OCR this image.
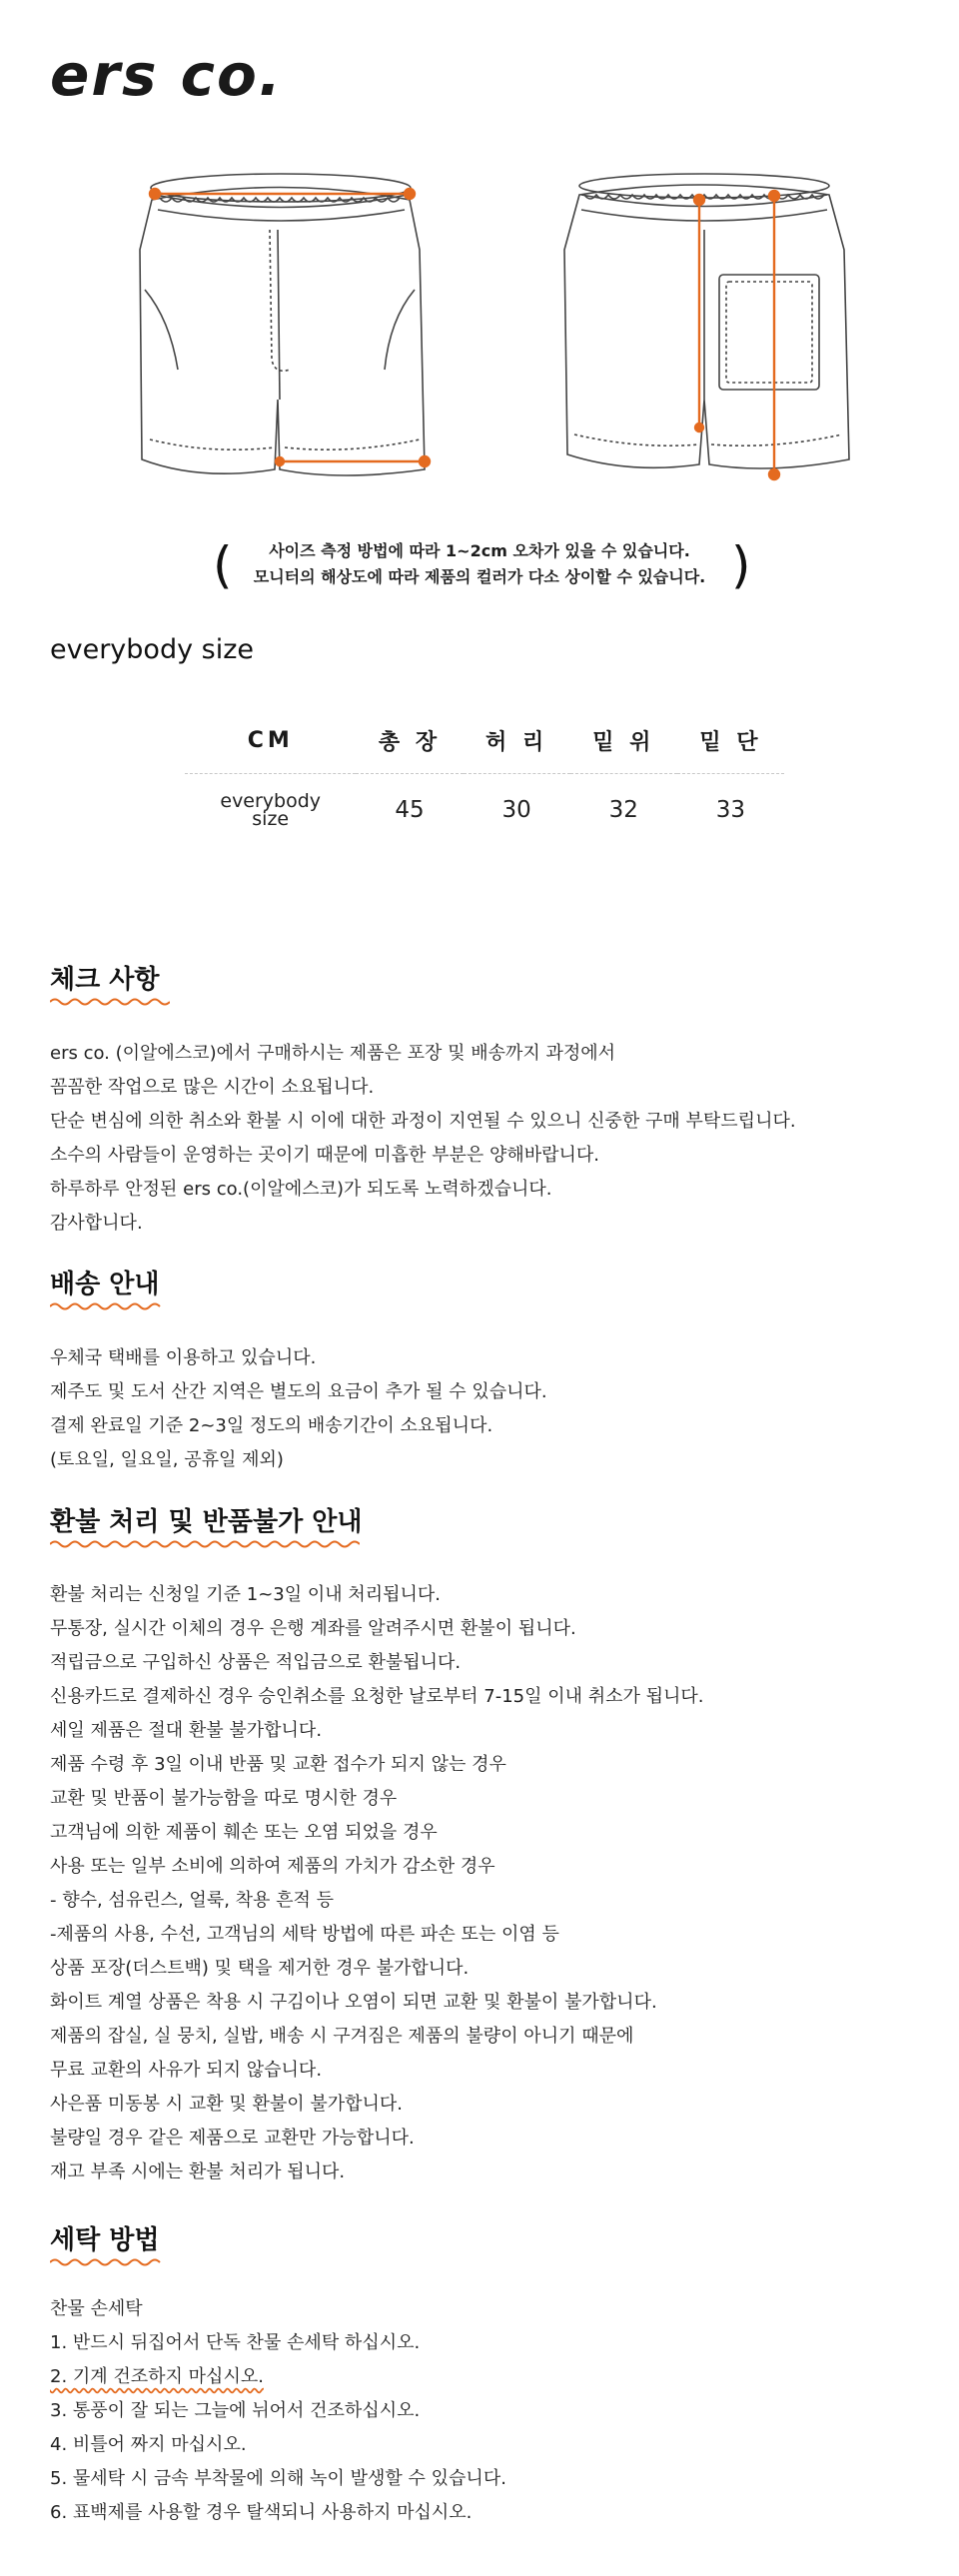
ers co.
(	사이즈 측정 방법에 따라 1~2cm 오차가 있을 수 있습니다.
모니터의 해상도에 따라 제품의 컬러가 다소 상이할 수 있습니다. )
everybody size
CM	총 장	허 리	밑 위	밑 단

everybody
size	45	30	32	33
체크 사항
ers co. (이알에스코)에서 구매하시는 제품은 포장 및 배송까지 과정에서
꼼꼼한 작업으로 많은 시간이 소요됩니다.
단순 변심에 의한 취소와 환불 시 이에 대한 과정이 지연될 수 있으니 신중한 구매 부탁드립니다.
소수의 사람들이 운영하는 곳이기 때문에 미흡한 부분은 양해바랍니다.
하루하루 안정된 ers co.(이알에스코)가 되도록 노력하겠습니다.
감사합니다.
배송 안내
우체국 택배를 이용하고 있습니다.
제주도 및 도서 산간 지역은 별도의 요금이 추가 될 수 있습니다.
결제 완료일 기준 2~3일 정도의 배송기간이 소요됩니다.
(토요일, 일요일, 공휴일 제외)
환불 처리 및 반품불가 안내
환불 처리는 신청일 기준 1~3일 이내 처리됩니다.
무통장, 실시간 이체의 경우 은행 계좌를 알려주시면 환불이 됩니다.
적립금으로 구입하신 상품은 적입금으로 환불됩니다.
신용카드로 결제하신 경우 승인취소를 요청한 날로부터 7-15일 이내 취소가 됩니다.
세일 제품은 절대 환불 불가합니다.
제품 수령 후 3일 이내 반품 및 교환 접수가 되지 않는 경우
교환 및 반품이 불가능함을 따로 명시한 경우
고객님에 의한 제품이 훼손 또는 오염 되었을 경우
사용 또는 일부 소비에 의하여 제품의 가치가 감소한 경우
- 향수, 섬유린스, 얼룩, 착용 흔적 등
-제품의 사용, 수선, 고객님의 세탁 방법에 따른 파손 또는 이염 등
상품 포장(더스트백) 및 택을 제거한 경우 불가합니다.
화이트 계열 상품은 착용 시 구김이나 오염이 되면 교환 및 환불이 불가합니다.
제품의 잡실, 실 뭉치, 실밥, 배송 시 구겨짐은 제품의 불량이 아니기 때문에
무료 교환의 사유가 되지 않습니다.
사은품 미동봉 시 교환 및 환불이 불가합니다.
불량일 경우 같은 제품으로 교환만 가능합니다.
재고 부족 시에는 환불 처리가 됩니다.
세탁 방법
찬물 손세탁
1. 반드시 뒤집어서 단독 찬물 손세탁 하십시오.
2. 기계 건조하지 마십시오.
3. 통풍이 잘 되는 그늘에 뉘어서 건조하십시오.
4. 비틀어 짜지 마십시오.
5. 물세탁 시 금속 부착물에 의해 녹이 발생할 수 있습니다.
6. 표백제를 사용할 경우 탈색되니 사용하지 마십시오.
